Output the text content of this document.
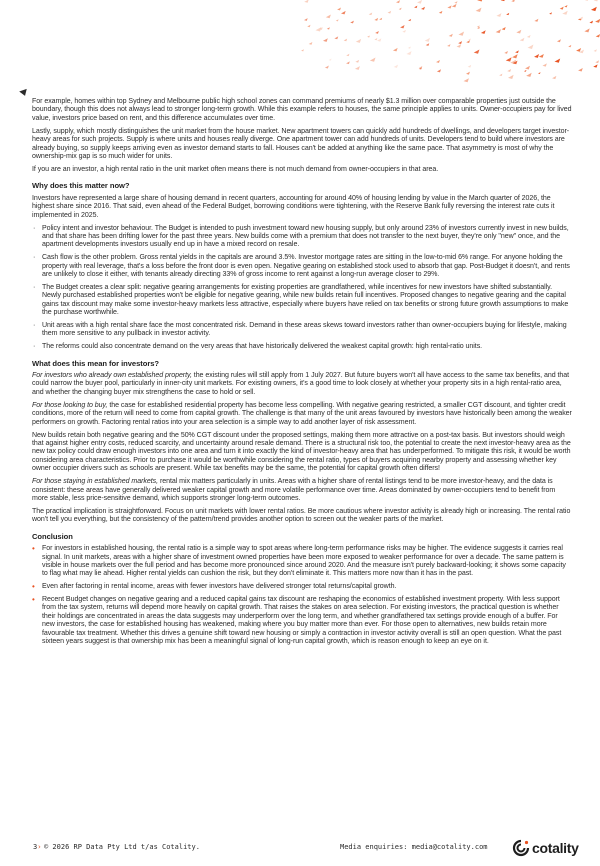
For example, homes within top Sydney and Melbourne public high school zones can command premiums of nearly $1.3 million over comparable properties just outside the boundary, though this does not always lead to stronger long-term growth. While this example refers to houses, the same principle applies to units. Owner-occupiers pay for lived value, investors price based on rent, and this difference accumulates over time.

Lastly, supply, which mostly distinguishes the unit market from the house market. New apartment towers can quickly add hundreds of dwellings, and developers target investor-heavy areas for such projects. Supply is where units and houses really diverge. One apartment tower can add hundreds of units. Developers tend to build where investors are already buying, so supply keeps arriving even as investor demand starts to fall. Houses can't be added at anything like the same pace. That asymmetry is most of why the ownership-mix gap is so much wider for units.

If you are an investor, a high rental ratio in the unit market often means there is not much demand from owner-occupiers in that area.

Why does this matter now?

Investors have represented a large share of housing demand in recent quarters, accounting for around 40% of housing lending by value in the March quarter of 2026, the highest share since 2016. That said, even ahead of the Federal Budget, borrowing conditions were tightening, with the Reserve Bank fully reversing the interest rate cuts it implemented in 2025.

· Policy intent and investor behaviour. The Budget is intended to push investment toward new housing supply, but only around 23% of investors currently invest in new builds, and that share has been drifting lower for the past three years. New builds come with a premium that does not transfer to the next buyer, they're only "new" once, and the apartment developments investors usually end up in have a mixed record on resale.
· Cash flow is the other problem. Gross rental yields in the capitals are around 3.5%. Investor mortgage rates are sitting in the low-to-mid 6% range. For anyone holding the property with real leverage, that's a loss before the front door is even open. Negative gearing on established stock used to absorb that gap. Post-Budget it doesn't, and rents are unlikely to close it either, with tenants already directing 33% of gross income to rent against a long-run average closer to 29%.
· The Budget creates a clear split: negative gearing arrangements for existing properties are grandfathered, while incentives for new investors have shifted substantially. Newly purchased established properties won't be eligible for negative gearing, while new builds retain full incentives. Proposed changes to negative gearing and the capital gains tax discount may make some investor-heavy markets less attractive, especially where buyers have relied on tax benefits or strong future growth assumptions to make the purchase worthwhile.
· Unit areas with a high rental share face the most concentrated risk. Demand in these areas skews toward investors rather than owner-occupiers buying for lifestyle, making them more sensitive to any pullback in investor activity.
· The reforms could also concentrate demand on the very areas that have historically delivered the weakest capital growth: high rental-ratio units.
What does this mean for investors?

For investors who already own established property, the existing rules will still apply from 1 July 2027. But future buyers won't all have access to the same tax benefits, and that could narrow the buyer pool, particularly in inner-city unit markets. For existing owners, it's a good time to look closely at whether your property sits in a high rental-ratio area, and whether the changing buyer mix strengthens the case to hold or sell.

For those looking to buy, the case for established residential property has become less compelling. With negative gearing restricted, a smaller CGT discount, and tighter credit conditions, more of the return will need to come from capital growth. The challenge is that many of the unit areas favoured by investors have historically been among the weaker performers on growth. Factoring rental ratios into your area selection is a simple way to add another layer of risk assessment.

New builds retain both negative gearing and the 50% CGT discount under the proposed settings, making them more attractive on a post-tax basis. But investors should weigh that against higher entry costs, reduced scarcity, and uncertainty around resale demand. There is a structural risk too, the potential to create the next investor-heavy area as the new tax policy could draw enough investors into one area and turn it into exactly the kind of investor-heavy area that has underperformed. To mitigate this risk, it would be worth considering area characteristics. Prior to purchase it would be worthwhile considering the rental ratio, types of buyers acquiring nearby property and assessing whether key owner occupier drivers such as schools are present. While tax benefits may be the same, the potential for capital growth often differs!

For those staying in established markets, rental mix matters particularly in units. Areas with a higher share of rental listings tend to be more investor-heavy, and the data is consistent: these areas have generally delivered weaker capital growth and more volatile performance over time. Areas dominated by owner-occupiers tend to benefit from more stable, less price-sensitive demand, which supports stronger long-term outcomes.

The practical implication is straightforward. Focus on unit markets with lower rental ratios. Be more cautious where investor activity is already high or increasing. The rental ratio won't tell you everything, but the consistency of the pattern/trend provides another option to screen out the weaker parts of the market.

Conclusion
• For investors in established housing, the rental ratio is a simple way to spot areas where long-term performance risks may be higher. The evidence suggests it carries real signal. In unit markets, areas with a higher share of investment owned properties have been more exposed to weaker performance for over a decade. The same pattern is visible in house markets over the full period and has become more pronounced since around 2020. And the measure isn't purely backward-looking; it shows some capacity to flag what may lie ahead. Higher rental yields can cushion the risk, but they don't eliminate it. This matters more now than it has in the past.
• Even after factoring in rental income, areas with fewer investors have delivered stronger total returns/capital growth.
• Recent Budget changes on negative gearing and a reduced capital gains tax discount are reshaping the economics of established investment property. With less support from the tax system, returns will depend more heavily on capital growth. That raises the stakes on area selection. For existing investors, the practical question is whether their holdings are concentrated in areas the data suggests may underperform over the long term, and whether grandfathered tax settings provide enough of a buffer. For new investors, the case for established housing has weakened, making where you buy matter more than ever. For those open to alternatives, new builds retain more favourable tax treatment. Whether this drives a genuine shift toward new housing or simply a contraction in investor activity overall is still an open question. What the past sixteen years suggest is that ownership mix has been a meaningful signal of long-run capital growth, which is reason enough to keep an eye on it.
3› © 2026 RP Data Pty Ltd t/as Cotality.	Media enquiries: media@cotality.com	cotality
